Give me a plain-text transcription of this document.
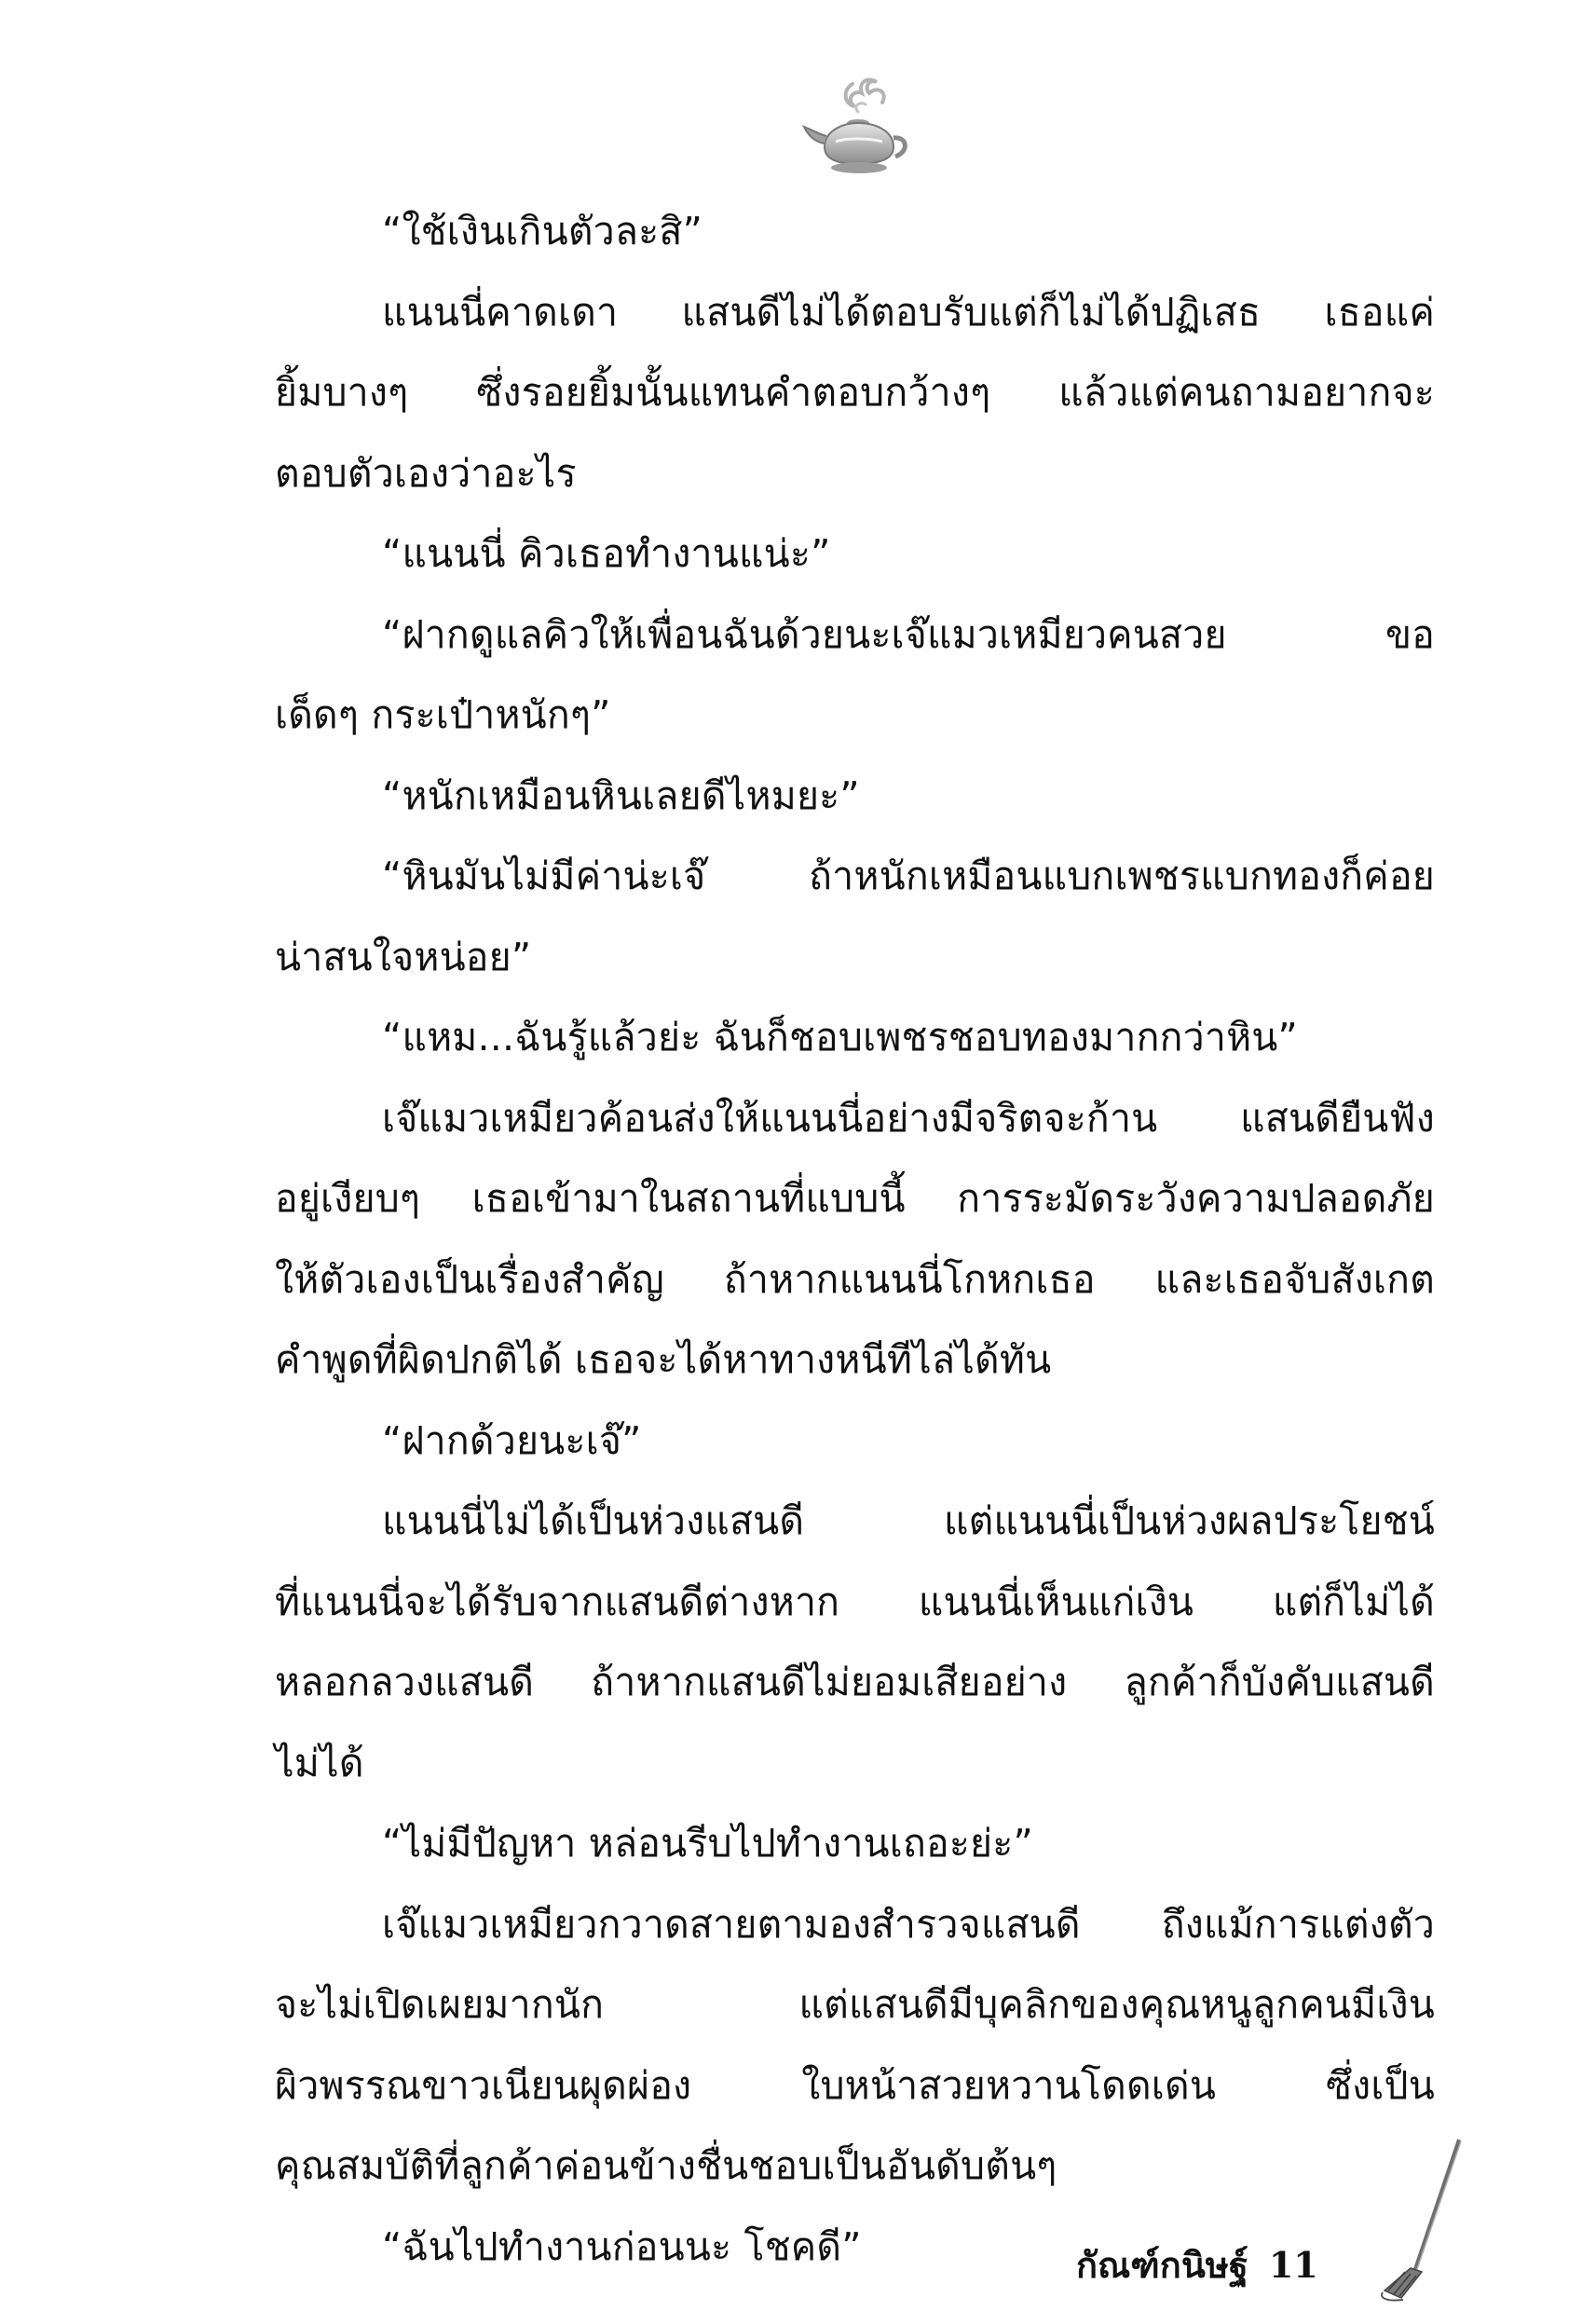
“ใช้เงินเกินตัวละสิ”
แนนนี่คาดเดา แสนดีไม่ได้ตอบรับแต่ก็ไม่ได้ปฏิเสธ เธอแค่
ยิ้มบางๆ ซึ่งรอยยิ้มนั้นแทนคำตอบกว้างๆ แล้วแต่คนถามอยากจะ
ตอบตัวเองว่าอะไร
“แนนนี่ คิวเธอทำงานแน่ะ”
“ฝากดูแลคิวให้เพื่อนฉันด้วยนะเจ๊แมวเหมียวคนสวย ขอ
เด็ดๆ กระเป๋าหนักๆ”
“หนักเหมือนหินเลยดีไหมยะ”
“หินมันไม่มีค่าน่ะเจ๊ ถ้าหนักเหมือนแบกเพชรแบกทองก็ค่อย
น่าสนใจหน่อย”
“แหม...ฉันรู้แล้วย่ะ ฉันก็ชอบเพชรชอบทองมากกว่าหิน”
เจ๊แมวเหมียวค้อนส่งให้แนนนี่อย่างมีจริตจะก้าน แสนดียืนฟัง
อยู่เงียบๆ เธอเข้ามาในสถานที่แบบนี้ การระมัดระวังความปลอดภัย
ให้ตัวเองเป็นเรื่องสำคัญ ถ้าหากแนนนี่โกหกเธอ และเธอจับสังเกต
คำพูดที่ผิดปกติได้ เธอจะได้หาทางหนีทีไล่ได้ทัน
“ฝากด้วยนะเจ๊”
แนนนี่ไม่ได้เป็นห่วงแสนดี แต่แนนนี่เป็นห่วงผลประโยชน์
ที่แนนนี่จะได้รับจากแสนดีต่างหาก แนนนี่เห็นแก่เงิน แต่ก็ไม่ได้
หลอกลวงแสนดี ถ้าหากแสนดีไม่ยอมเสียอย่าง ลูกค้าก็บังคับแสนดี
ไม่ได้
“ไม่มีปัญหา หล่อนรีบไปทำงานเถอะย่ะ”
เจ๊แมวเหมียวกวาดสายตามองสำรวจแสนดี ถึงแม้การแต่งตัว
จะไม่เปิดเผยมากนัก แต่แสนดีมีบุคลิกของคุณหนูลูกคนมีเงิน
ผิวพรรณขาวเนียนผุดผ่อง ใบหน้าสวยหวานโดดเด่น ซึ่งเป็น
คุณสมบัติที่ลูกค้าค่อนข้างชื่นชอบเป็นอันดับต้นๆ
“ฉันไปทำงานก่อนนะ โชคดี”	กัณฑ์กนิษฐ์ 11
